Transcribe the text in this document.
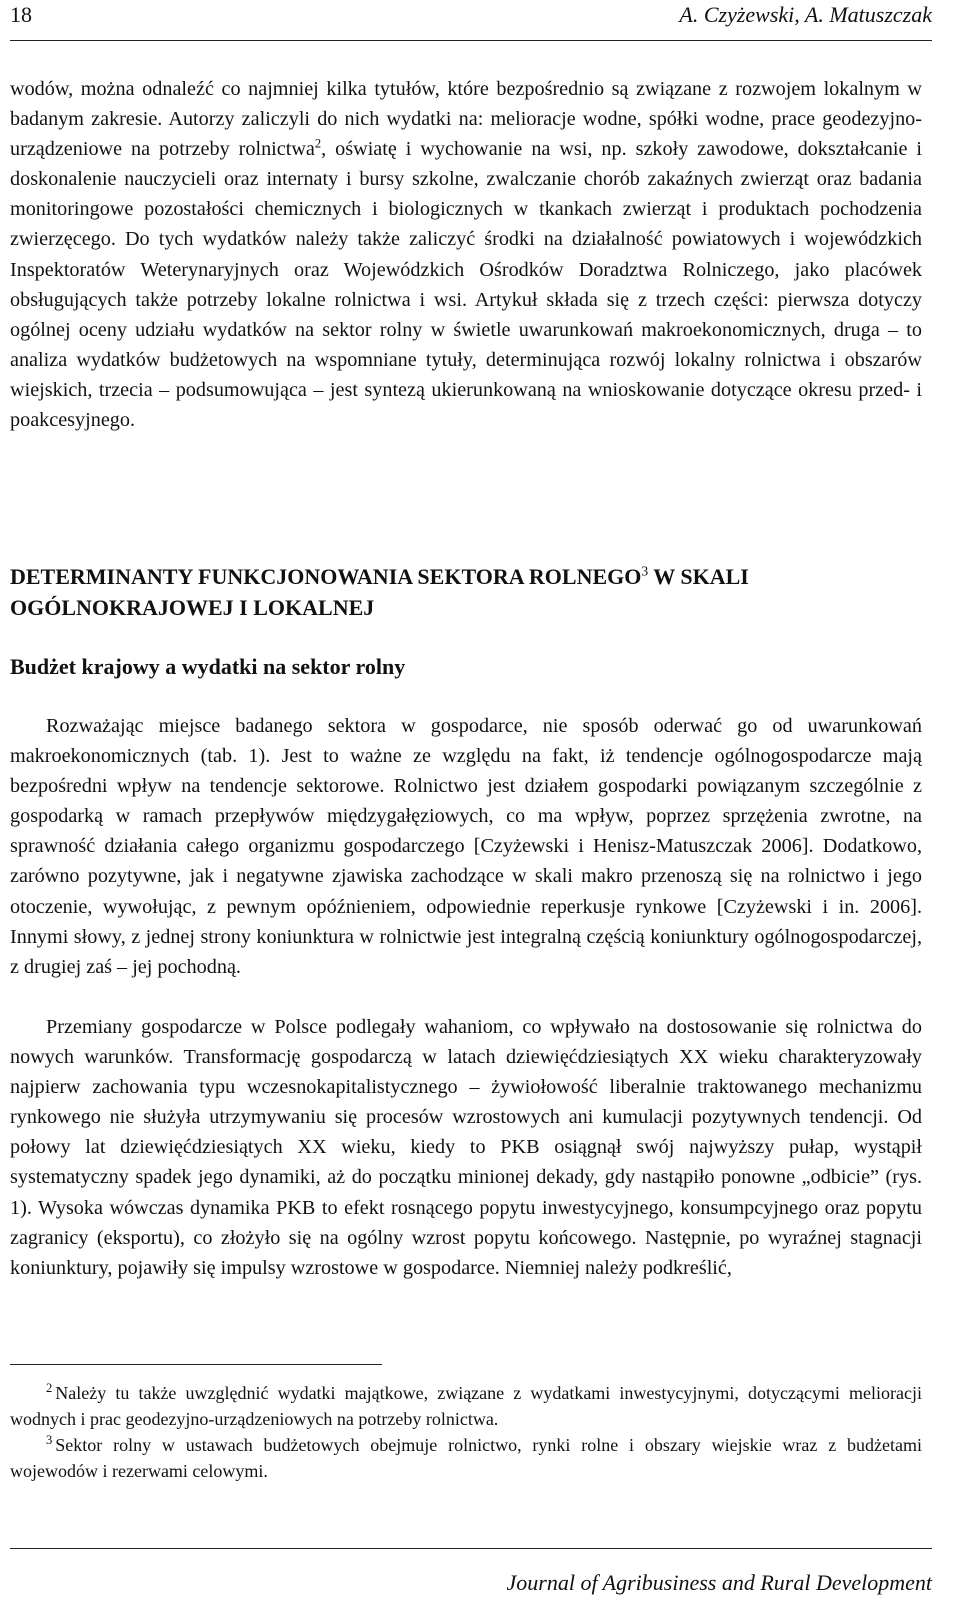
18	A. Czyżewski, A. Matuszczak

wodów, można odnaleźć co najmniej kilka tytułów, które bezpośrednio są związane z rozwojem lokalnym w badanym zakresie. Autorzy zaliczyli do nich wydatki na: melioracje wodne, spółki wodne, prace geodezyjno-urządzeniowe na potrzeby rolnictwa$^2$, oświatę i wychowanie na wsi, np. szkoły zawodowe, dokształcanie i doskonalenie nauczycieli oraz internaty i bursy szkolne, zwalczanie chorób zakaźnych zwierząt oraz badania monitoringowe pozostałości chemicznych i biologicznych w tkankach zwierząt i produktach pochodzenia zwierzęcego. Do tych wydatków należy także zaliczyć środki na działalność powiatowych i wojewódzkich Inspektoratów Weterynaryjnych oraz Wojewódzkich Ośrodków Doradztwa Rolniczego, jako placówek obsługujących także potrzeby lokalne rolnictwa i wsi. Artykuł składa się z trzech części: pierwsza dotyczy ogólnej oceny udziału wydatków na sektor rolny w świetle uwarunkowań makroekonomicznych, druga – to analiza wydatków budżetowych na wspomniane tytuły, determinująca rozwój lokalny rolnictwa i obszarów wiejskich, trzecia – podsumowująca – jest syntezą ukierunkowaną na wnioskowanie dotyczące okresu przed- i poakcesyjnego.

DETERMINANTY FUNKCJONOWANIA SEKTORA ROLNEGO$^3$ W SKALI OGÓLNOKRAJOWEJ I LOKALNEJ
Budżet krajowy a wydatki na sektor rolny

Rozważając miejsce badanego sektora w gospodarce, nie sposób oderwać go od uwarunkowań makroekonomicznych (tab. 1). Jest to ważne ze względu na fakt, iż tendencje ogólnogospodarcze mają bezpośredni wpływ na tendencje sektorowe. Rolnictwo jest działem gospodarki powiązanym szczególnie z gospodarką w ramach przepływów międzygałęziowych, co ma wpływ, poprzez sprzężenia zwrotne, na sprawność działania całego organizmu gospodarczego [Czyżewski i Henisz-Matuszczak 2006]. Dodatkowo, zarówno pozytywne, jak i negatywne zjawiska zachodzące w skali makro przenoszą się na rolnictwo i jego otoczenie, wywołując, z pewnym opóźnieniem, odpowiednie reperkusje rynkowe [Czyżewski i in. 2006]. Innymi słowy, z jednej strony koniunktura w rolnictwie jest integralną częścią koniunktury ogólnogospodarczej, z drugiej zaś – jej pochodną.

Przemiany gospodarcze w Polsce podlegały wahaniom, co wpływało na dostosowanie się rolnictwa do nowych warunków. Transformację gospodarczą w latach dziewięćdziesiątych XX wieku charakteryzowały najpierw zachowania typu wczesnokapitalistycznego – żywiołowość liberalnie traktowanego mechanizmu rynkowego nie służyła utrzymywaniu się procesów wzrostowych ani kumulacji pozytywnych tendencji. Od połowy lat dziewięćdziesiątych XX wieku, kiedy to PKB osiągnął swój najwyższy pułap, wystąpił systematyczny spadek jego dynamiki, aż do początku minionej dekady, gdy nastąpiło ponowne „odbicie” (rys. 1). Wysoka wówczas dynamika PKB to efekt rosnącego popytu inwestycyjnego, konsumpcyjnego oraz popytu zagranicy (eksportu), co złożyło się na ogólny wzrost popytu końcowego. Następnie, po wyraźnej stagnacji koniunktury, pojawiły się impulsy wzrostowe w gospodarce. Niemniej należy podkreślić,

$^2$ Należy tu także uwzględnić wydatki majątkowe, związane z wydatkami inwestycyjnymi, dotyczącymi melioracji wodnych i prac geodezyjno-urządzeniowych na potrzeby rolnictwa.

$^3$ Sektor rolny w ustawach budżetowych obejmuje rolnictwo, rynki rolne i obszary wiejskie wraz z budżetami wojewodów i rezerwami celowymi.

Journal of Agribusiness and Rural Development
